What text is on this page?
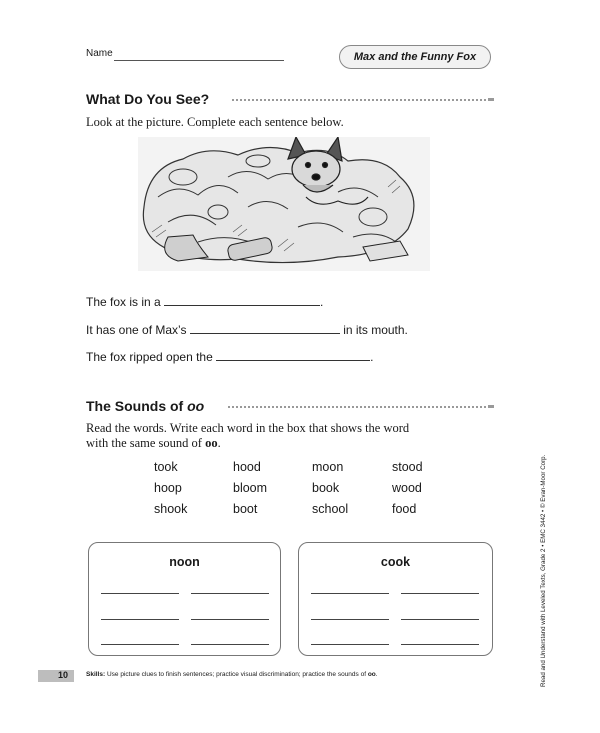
Name	Max and the Funny Fox
What Do You See?
Look at the picture. Complete each sentence below.
The fox is in a	.
It has one of Max’s	in its mouth.
The fox ripped open the	.
The Sounds of oo
Read the words. Write each word in the box that shows the word
with the same sound of oo.
took	hood	moon	stood
hoop	bloom	book	wood
shook	boot	school	food
noon	cook
10	Skills: Use picture clues to finish sentences; practice visual discrimination; practice the sounds of oo.	Read and Understand with Leveled Texts, Grade 2 • EMC 3442 • © Evan-Moor Corp.
